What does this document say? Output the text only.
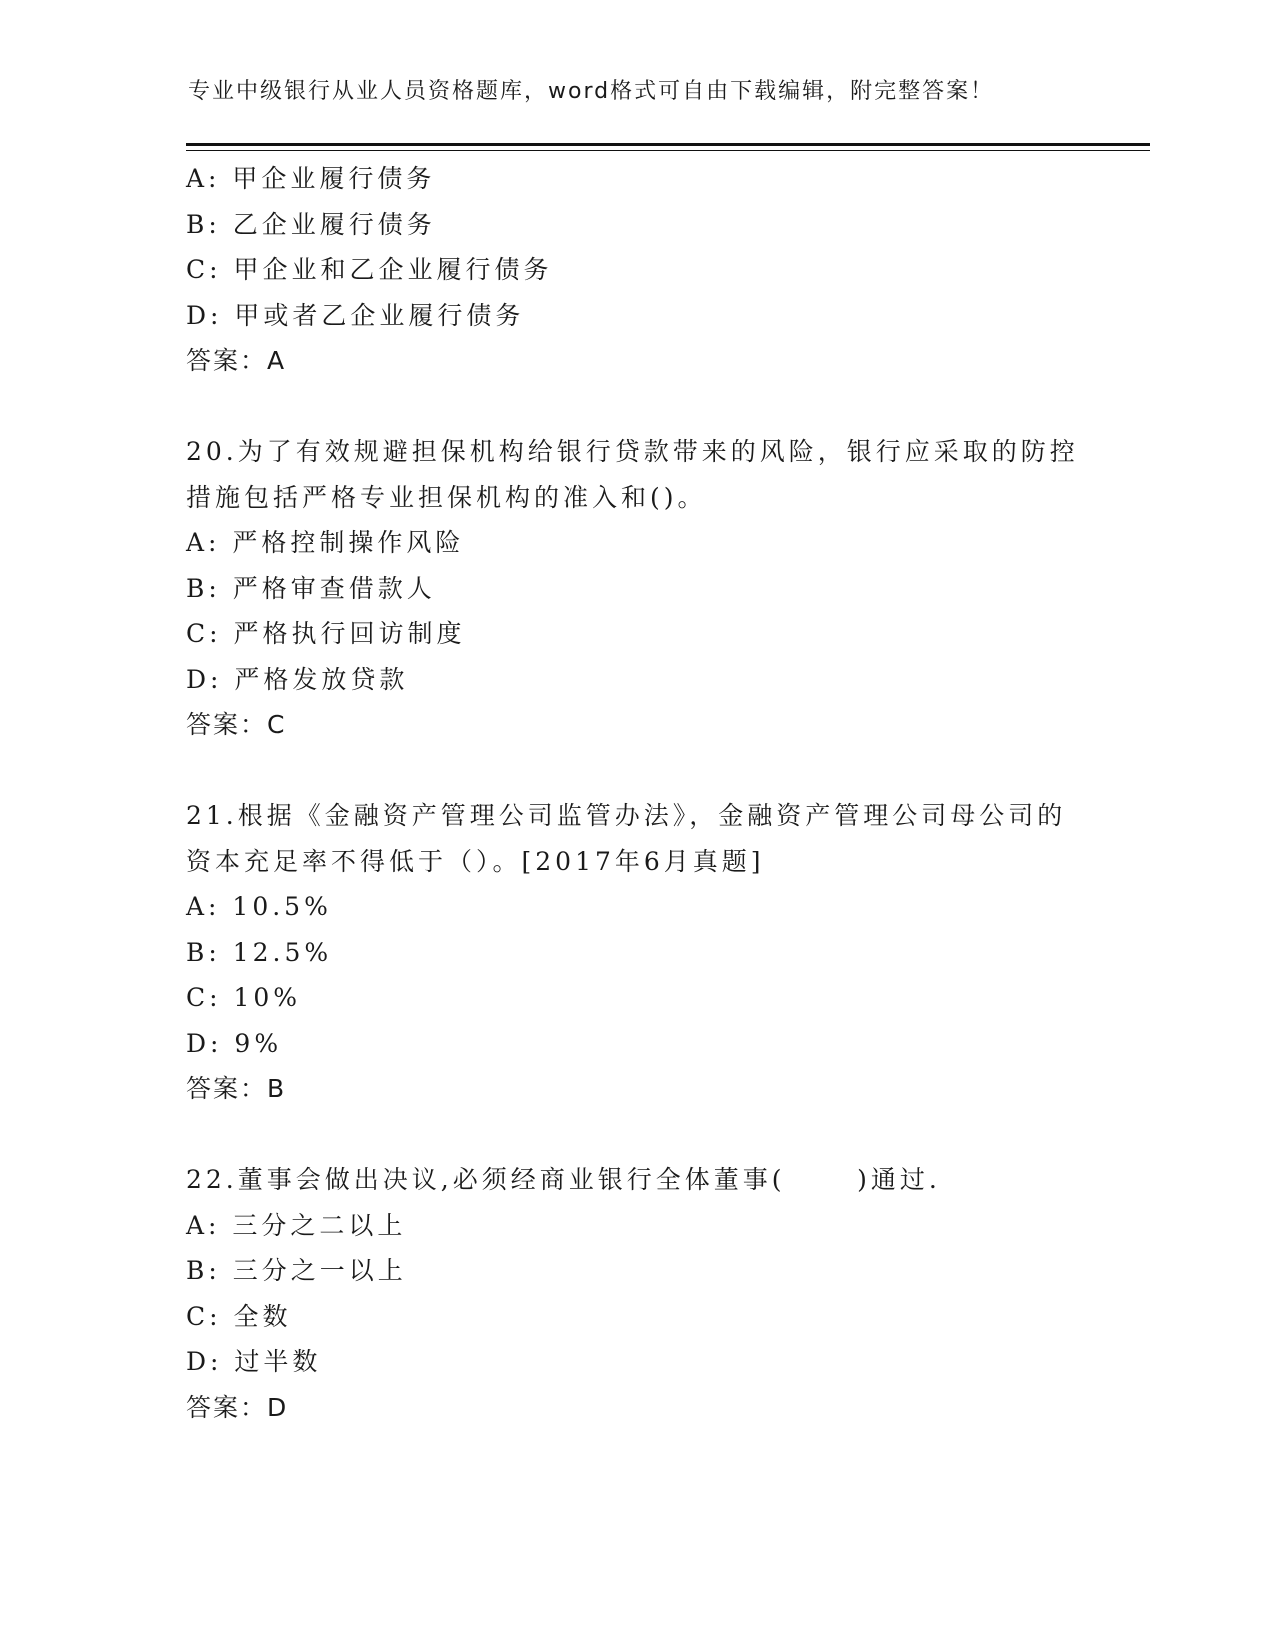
专业中级银行从业人员资格题库，word格式可自由下载编辑，附完整答案！
A: 甲企业履行债务
B: 乙企业履行债务
C: 甲企业和乙企业履行债务
D: 甲或者乙企业履行债务
答案：A
20.为了有效规避担保机构给银行贷款带来的风险，银行应采取的防控
措施包括严格专业担保机构的准入和()。
A: 严格控制操作风险
B: 严格审查借款人
C: 严格执行回访制度
D: 严格发放贷款
答案：C
21.根据《金融资产管理公司监管办法》，金融资产管理公司母公司的
资本充足率不得低于（）。[2017年6月真题]
A: 10.5%
B: 12.5%
C: 10%
D: 9%
答案：B
22.董事会做出决议,必须经商业银行全体董事(      )通过.
A: 三分之二以上
B: 三分之一以上
C: 全数
D: 过半数
答案：D
